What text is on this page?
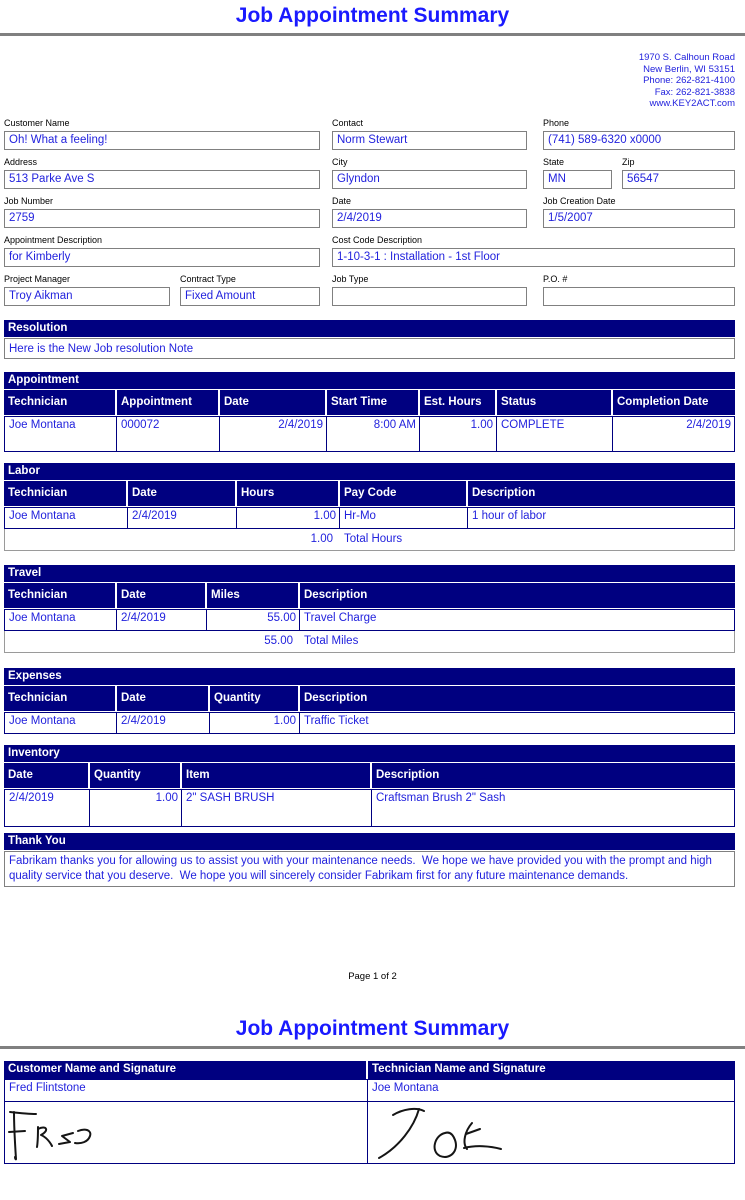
Job Appointment Summary
1970 S. Calhoun Road
New Berlin, WI 53151
Phone: 262-821-4100
Fax: 262-821-3838
www.KEY2ACT.com
Customer Name
Oh! What a feeling!
Contact
Norm Stewart
Phone
(741) 589-6320 x0000
Address
513 Parke Ave S
City
Glyndon
State
MN
Zip
56547
Job Number
2759
Date
2/4/2019
Job Creation Date
1/5/2007
Appointment Description
for Kimberly
Cost Code Description
1-10-3-1 : Installation - 1st Floor
Project Manager
Troy Aikman
Contract Type
Fixed Amount
Job Type	P.O. #
Resolution
Here is the New Job resolution Note
Appointment
Technician	Appointment	Date	Start Time	Est. Hours	Status	Completion Date
Joe Montana	000072	2/4/2019	8:00 AM	1.00 COMPLETE	2/4/2019
Labor
Technician	Date	Hours	Pay Code	Description
Joe Montana	2/4/2019	1.00 Hr-Mo	1 hour of labor
1.00 Total Hours
Travel
Technician	Date	Miles	Description
Joe Montana	2/4/2019	55.00 Travel Charge
55.00 Total Miles
Expenses
Technician	Date	Quantity	Description
Joe Montana	2/4/2019	1.00 Traffic Ticket
Inventory
Date	Quantity	Item	Description
2/4/2019	1.00 2" SASH BRUSH	Craftsman Brush 2" Sash
Thank You
Fabrikam thanks you for allowing us to assist you with your maintenance needs.  We hope we have provided you with the prompt and high quality service that you deserve.  We hope you will sincerely consider Fabrikam first for any future maintenance demands.
Page 1 of 2
Job Appointment Summary
Customer Name and Signature	Technician Name and Signature
Fred Flintstone	Joe Montana
